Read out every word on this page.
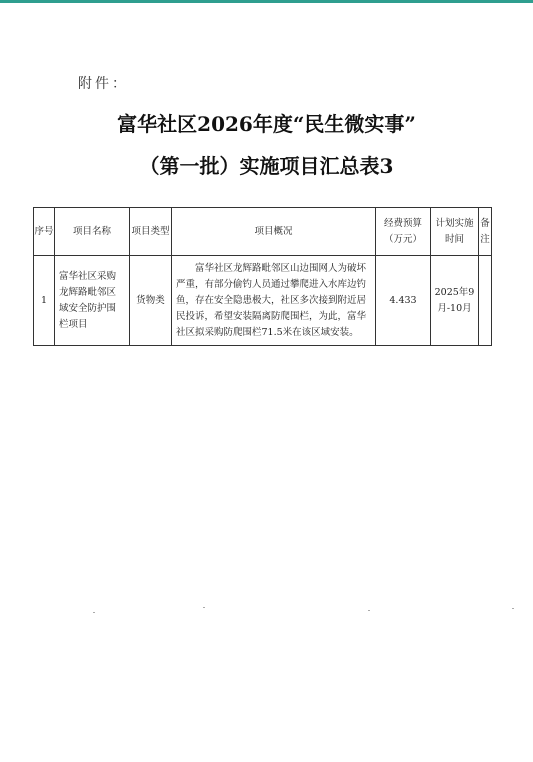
附件：
富华社区2026年度“民生微实事”
（第一批）实施项目汇总表3
序号	项目名称	项目类型	项目概况	经费预算（万元）	计划实施时间	备注
1	富华社区采购龙辉路毗邻区域安全防护围栏项目	货物类	富华社区龙辉路毗邻区山边围网人为破坏严重，有部分偷钓人员通过攀爬进入水库边钓鱼，存在安全隐患极大，社区多次接到附近居民投诉，希望安装隔离防爬围栏，为此，富华社区拟采购防爬围栏71.5米在该区域安装。	4.433	2025年9月-10月	
